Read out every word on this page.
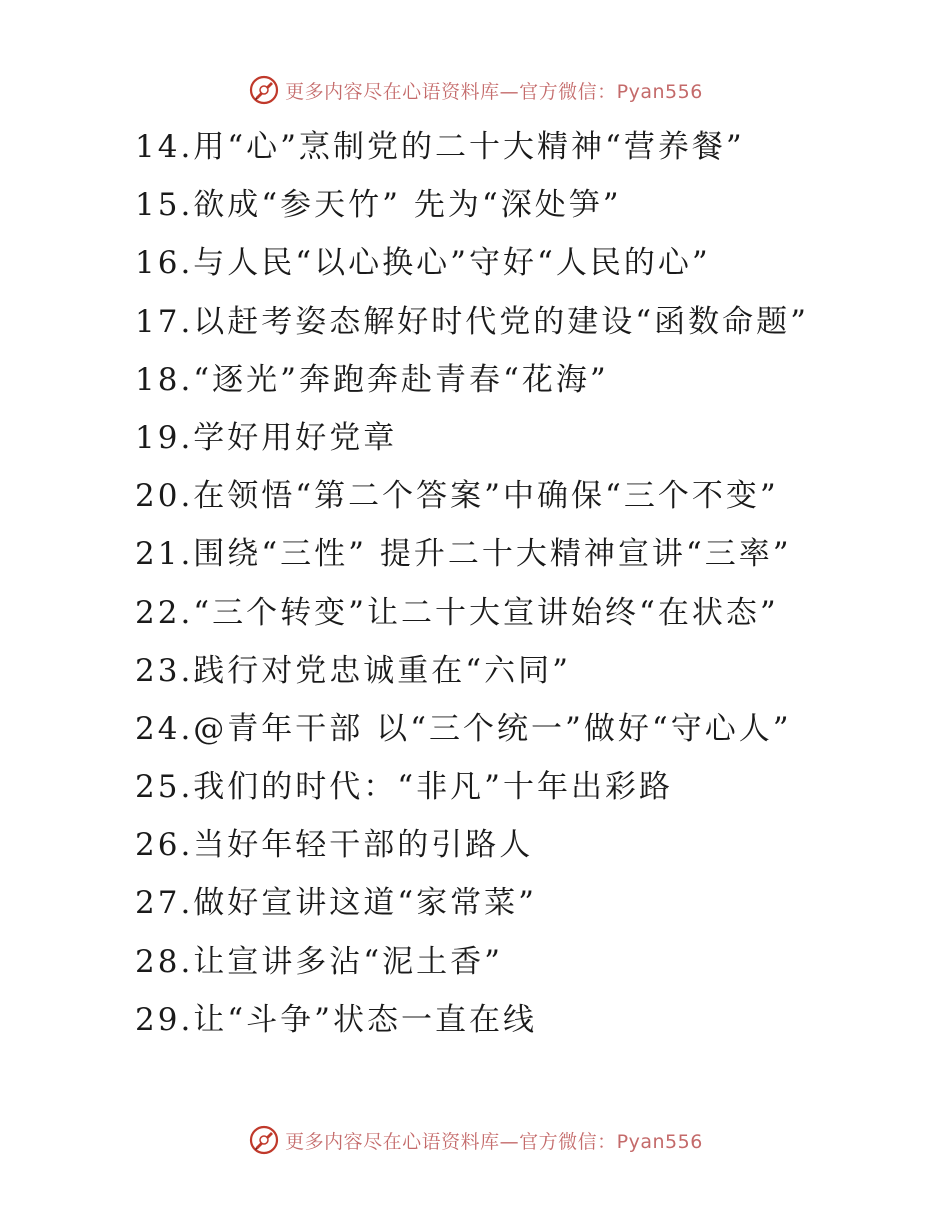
更多内容尽在心语资料库—官方微信：Pyan556
14.用“心”烹制党的二十大精神“营养餐”
15.欲成“参天竹” 先为“深处笋”
16.与人民“以心换心”守好“人民的心”
17.以赶考姿态解好时代党的建设“函数命题”
18.“逐光”奔跑奔赴青春“花海”
19.学好用好党章
20.在领悟“第二个答案”中确保“三个不变”
21.围绕“三性” 提升二十大精神宣讲“三率”
22.“三个转变”让二十大宣讲始终“在状态”
23.践行对党忠诚重在“六同”
24.@青年干部 以“三个统一”做好“守心人”
25.我们的时代：“非凡”十年出彩路
26.当好年轻干部的引路人
27.做好宣讲这道“家常菜”
28.让宣讲多沾“泥土香”
29.让“斗争”状态一直在线
更多内容尽在心语资料库—官方微信：Pyan556
